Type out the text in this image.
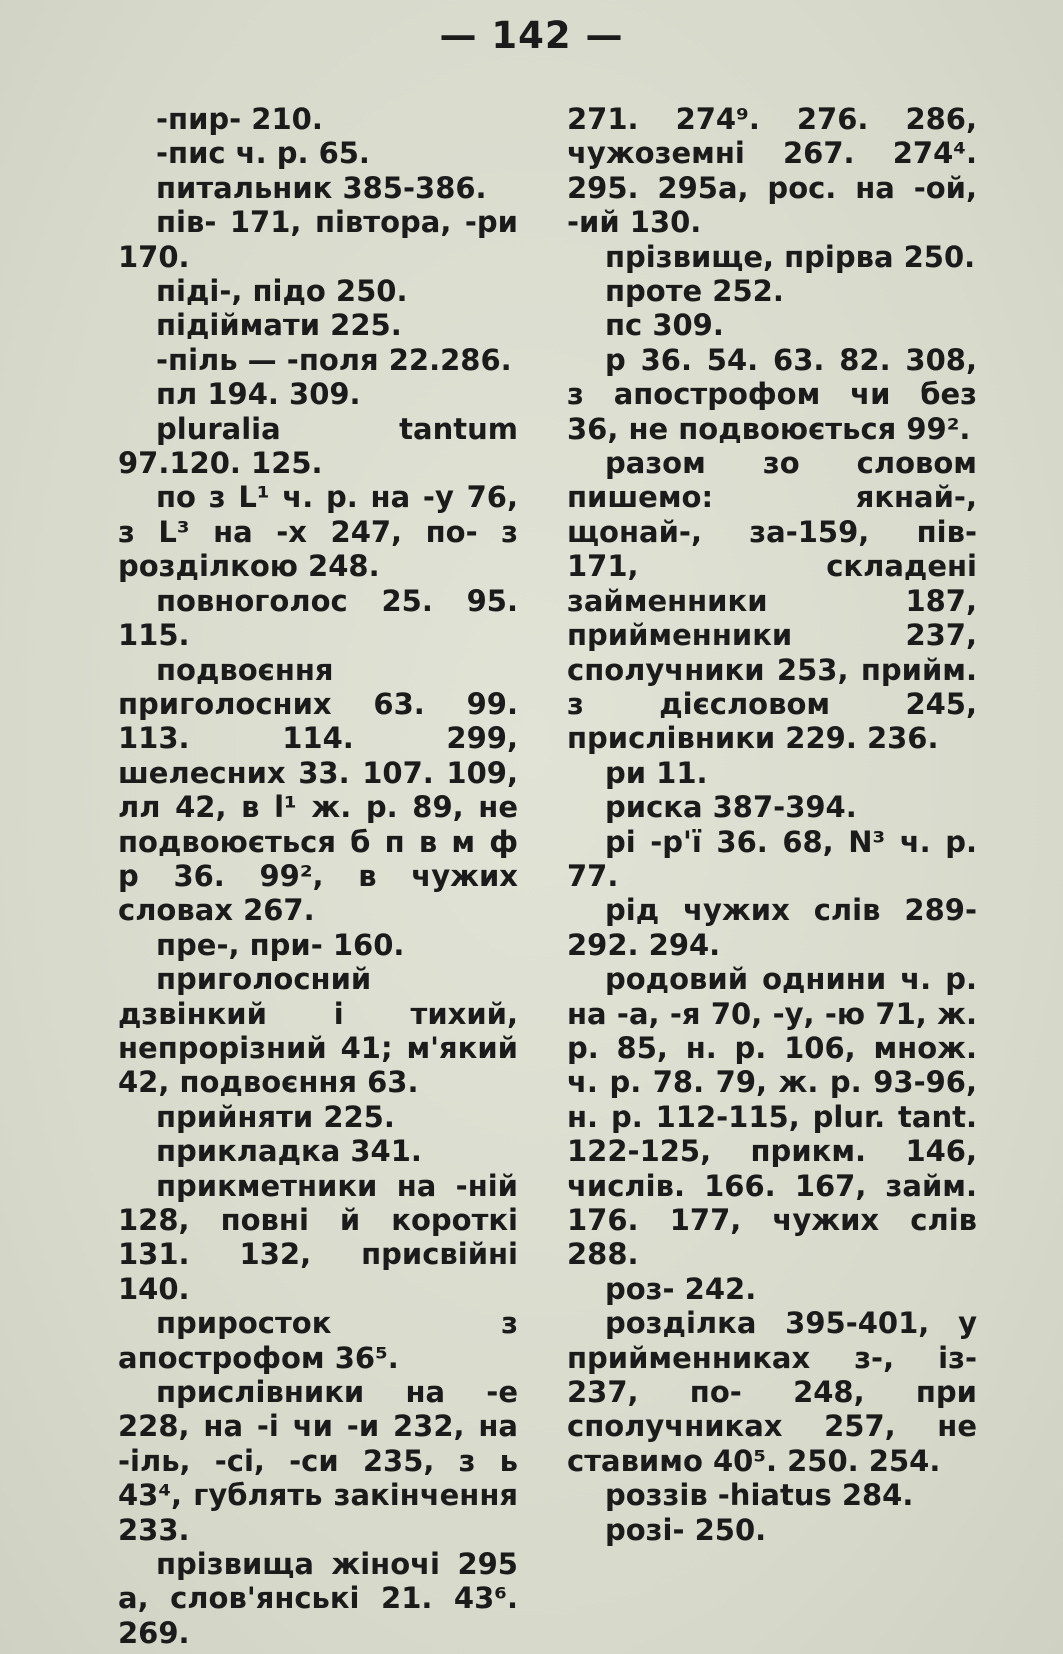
— 142 —

-пир- 210.

-пис ч. р. 65.

питальник 385-386.

пів- 171, півтора, -ри 170.

піді-, підо 250.

підіймати 225.

-піль — -поля 22.286.

пл 194. 309.

pluralia tantum 97.120. 125.

по з L¹ ч. р. на -у 76, з L³ на -х 247, по- з розділкою 248.

повноголос 25. 95. 115.

подвоєння приголосних 63. 99. 113. 114. 299, шелесних 33. 107. 109, лл 42, в l¹ ж. р. 89, не подвоюється б п в м ф р 36. 99², в чужих словах 267.

пре-, при- 160.

приголосний дзвінкий і тихий, непрорізний 41; м'який 42, подвоєння 63.

прийняти 225.

прикладка 341.

прикметники на -ній 128, повні й короткі 131. 132, присвійні 140.

приросток з апострофом 36⁵.

прислівники на -е 228, на -і чи -и 232, на -іль, -сі, -си 235, з ь 43⁴, гублять закінчення 233.

прізвища жіночі 295 а, слов'янські 21. 43⁶. 269.

271. 274⁹. 276. 286, чужоземні 267. 274⁴. 295. 295а, рос. на -ой, -ий 130.

прізвище, прірва 250.

проте 252.

пс 309.

р 36. 54. 63. 82. 308, з апострофом чи без 36, не подвоюється 99².

разом зо словом пишемо: якнай-, щонай-, за-159, пів- 171, складені займенники 187, прийменники 237, сполучники 253, прийм. з дієсловом 245, прислівники 229. 236.

ри 11.

риска 387-394.

рі -р'ї 36. 68, N³ ч. р. 77.

рід чужих слів 289-292. 294.

родовий однини ч. р. на -а, -я 70, -у, -ю 71, ж. р. 85, н. р. 106, множ. ч. р. 78. 79, ж. р. 93-96, н. р. 112-115, plur. tant. 122-125, прикм. 146, числів. 166. 167, займ. 176. 177, чужих слів 288.

роз- 242.

розділка 395-401, у прийменниках з-, із- 237, по- 248, при сполучниках 257, не ставимо 40⁵. 250. 254.

роззів -hiatus 284.

розі- 250.
